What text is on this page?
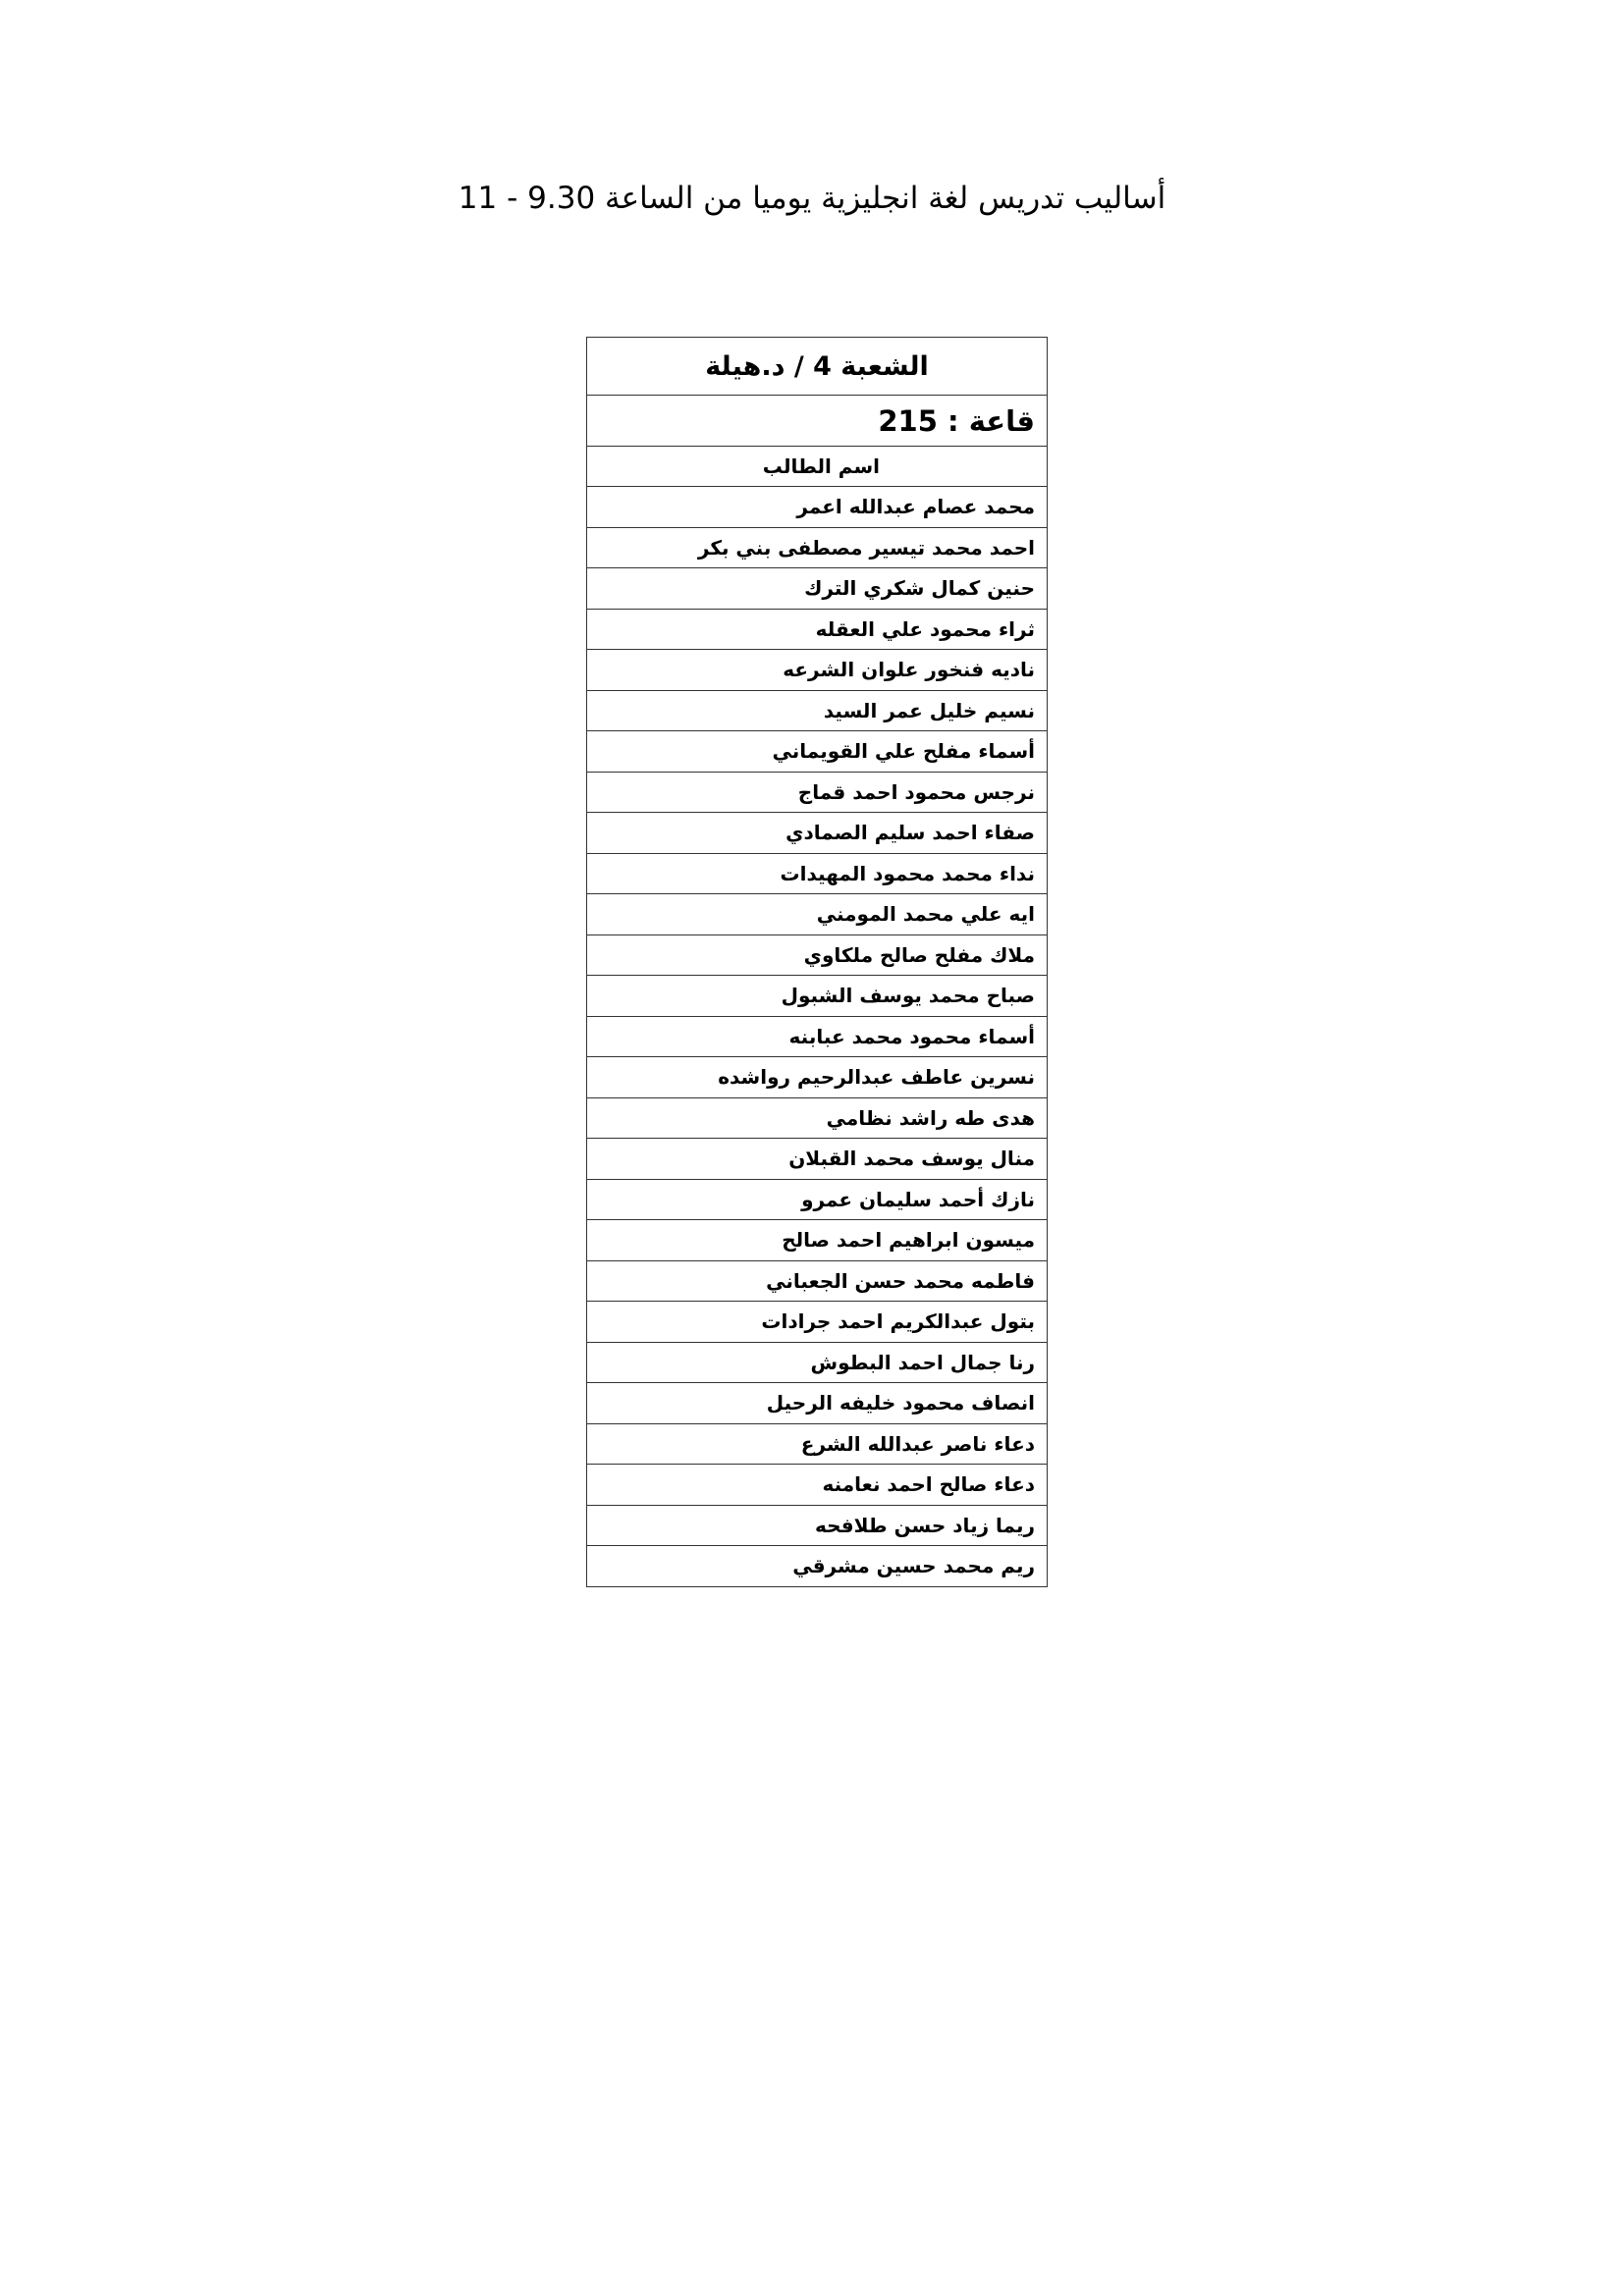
أساليب تدريس لغة انجليزية يوميا من الساعة 9.30 - 11
الشعبة 4 / د.هيلة
قاعة : 215
اسم الطالب
محمد عصام عبدالله اعمر
احمد محمد تيسير مصطفى بني بكر
حنين كمال شكري الترك
ثراء محمود علي العقله
ناديه فنخور علوان الشرعه
نسيم خليل عمر السيد
أسماء مفلح علي القويماني
نرجس محمود احمد قماج
صفاء احمد سليم الصمادي
نداء محمد محمود المهيدات
ايه علي محمد المومني
ملاك مفلح صالح ملكاوي
صباح محمد يوسف الشبول
أسماء محمود محمد عبابنه
نسرين عاطف عبدالرحيم رواشده
هدى طه راشد نظامي
منال يوسف محمد القبلان
نازك أحمد سليمان عمرو
ميسون ابراهيم احمد صالح
فاطمه محمد حسن الجعباني
بتول عبدالكريم احمد جرادات
رنا جمال احمد البطوش
انصاف محمود خليفه الرحيل
دعاء ناصر عبدالله الشرع
دعاء صالح احمد نعامنه
ريما زياد حسن طلافحه
ريم محمد حسين مشرقي
